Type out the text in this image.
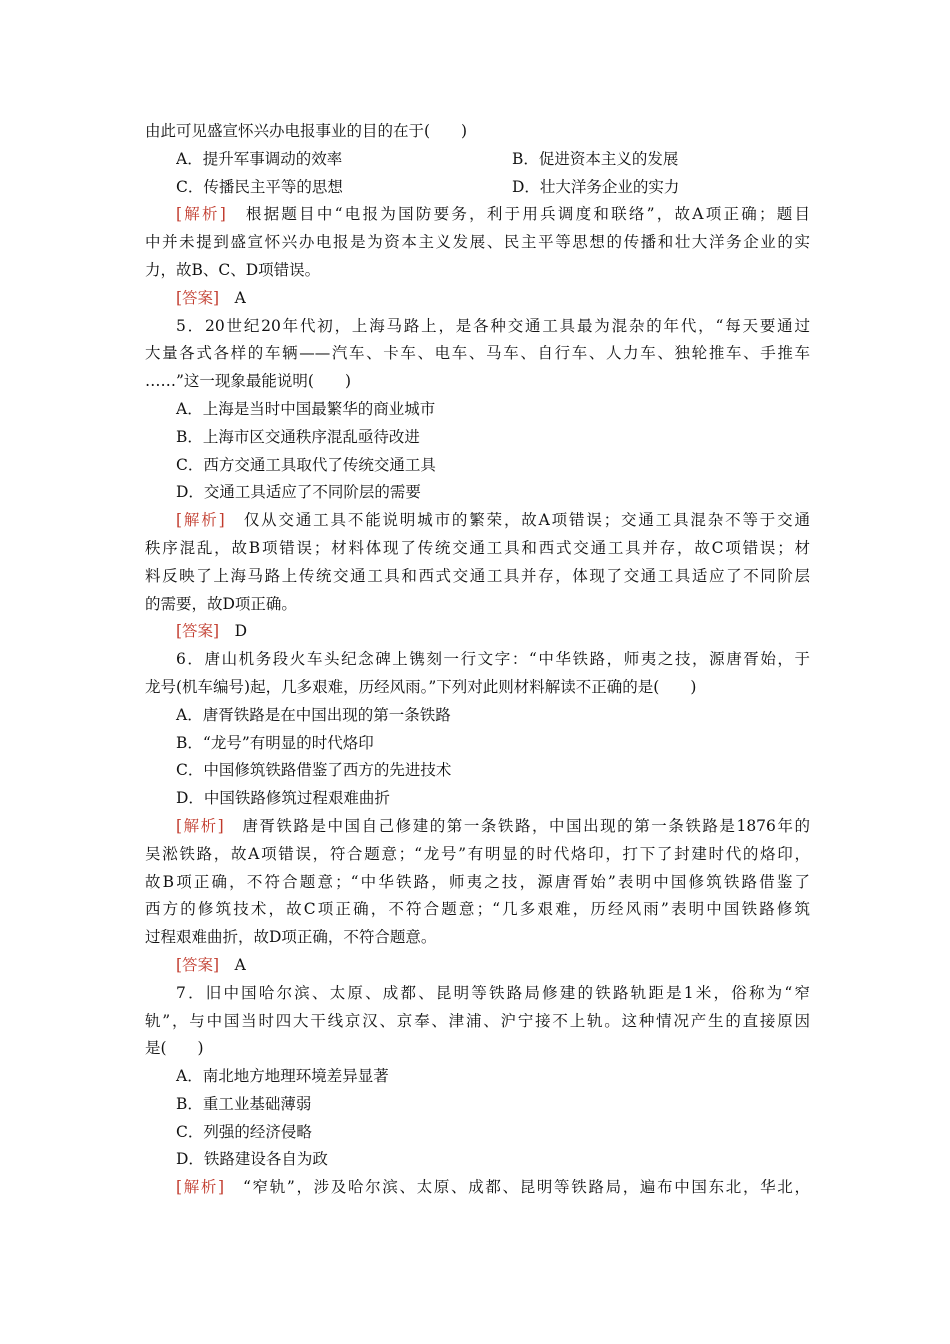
由此可见盛宣怀兴办电报事业的目的在于(　　)
A．提升军事调动的效率	B．促进资本主义的发展
C．传播民主平等的思想	D．壮大洋务企业的实力
[解析]　 根据题目中“电报为国防要务，利于用兵调度和联络”，故A项正确；题目
中并未提到盛宣怀兴办电报是为资本主义发展、民主平等思想的传播和壮大洋务企业的实
力，故B、C、D项错误。
[答案]　 A
5．20世纪20年代初，上海马路上，是各种交通工具最为混杂的年代，“每天要通过
大量各式各样的车辆——汽车、卡车、电车、马车、自行车、人力车、独轮推车、手推车
……”这一现象最能说明(　　)
A．上海是当时中国最繁华的商业城市
B．上海市区交通秩序混乱亟待改进
C．西方交通工具取代了传统交通工具
D．交通工具适应了不同阶层的需要
[解析]　 仅从交通工具不能说明城市的繁荣，故A项错误；交通工具混杂不等于交通
秩序混乱，故B项错误；材料体现了传统交通工具和西式交通工具并存，故C项错误；材
料反映了上海马路上传统交通工具和西式交通工具并存，体现了交通工具适应了不同阶层
的需要，故D项正确。
[答案]　 D
6．唐山机务段火车头纪念碑上镌刻一行文字：“中华铁路，师夷之技，源唐胥始，于
龙号(机车编号)起，几多艰难，历经风雨。”下列对此则材料解读不正确的是(　　)
A．唐胥铁路是在中国出现的第一条铁路
B．“龙号”有明显的时代烙印
C．中国修筑铁路借鉴了西方的先进技术
D．中国铁路修筑过程艰难曲折
[解析]　 唐胥铁路是中国自己修建的第一条铁路，中国出现的第一条铁路是1876年的
吴淞铁路，故A项错误，符合题意；“龙号”有明显的时代烙印，打下了封建时代的烙印，
故B项正确，不符合题意；“中华铁路，师夷之技，源唐胥始”表明中国修筑铁路借鉴了
西方的修筑技术，故C项正确，不符合题意；“几多艰难，历经风雨”表明中国铁路修筑
过程艰难曲折，故D项正确，不符合题意。
[答案]　 A
7．旧中国哈尔滨、太原、成都、昆明等铁路局修建的铁路轨距是1米，俗称为“窄
轨”，与中国当时四大干线京汉、京奉、津浦、沪宁接不上轨。这种情况产生的直接原因
是(　　)
A．南北地方地理环境差异显著
B．重工业基础薄弱
C．列强的经济侵略
D．铁路建设各自为政
[解析]　 “窄轨”，涉及哈尔滨、太原、成都、昆明等铁路局，遍布中国东北，华北，
